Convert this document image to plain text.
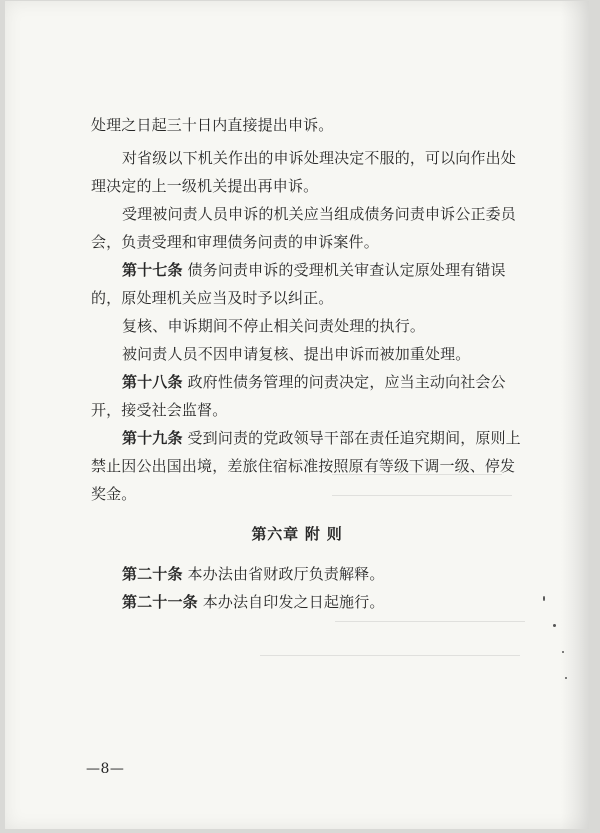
处理之日起三十日内直接提出申诉。
对省级以下机关作出的申诉处理决定不服的，可以向作出处
理决定的上一级机关提出再申诉。
受理被问责人员申诉的机关应当组成债务问责申诉公正委员
会，负责受理和审理债务问责的申诉案件。
第十七条 债务问责申诉的受理机关审查认定原处理有错误
的，原处理机关应当及时予以纠正。
复核、申诉期间不停止相关问责处理的执行。
被问责人员不因申请复核、提出申诉而被加重处理。
第十八条 政府性债务管理的问责决定，应当主动向社会公
开，接受社会监督。
第十九条 受到问责的党政领导干部在责任追究期间，原则上
禁止因公出国出境，差旅住宿标准按照原有等级下调一级、停发
奖金。
第六章 附 则
第二十条 本办法由省财政厅负责解释。
第二十一条 本办法自印发之日起施行。
—8—
